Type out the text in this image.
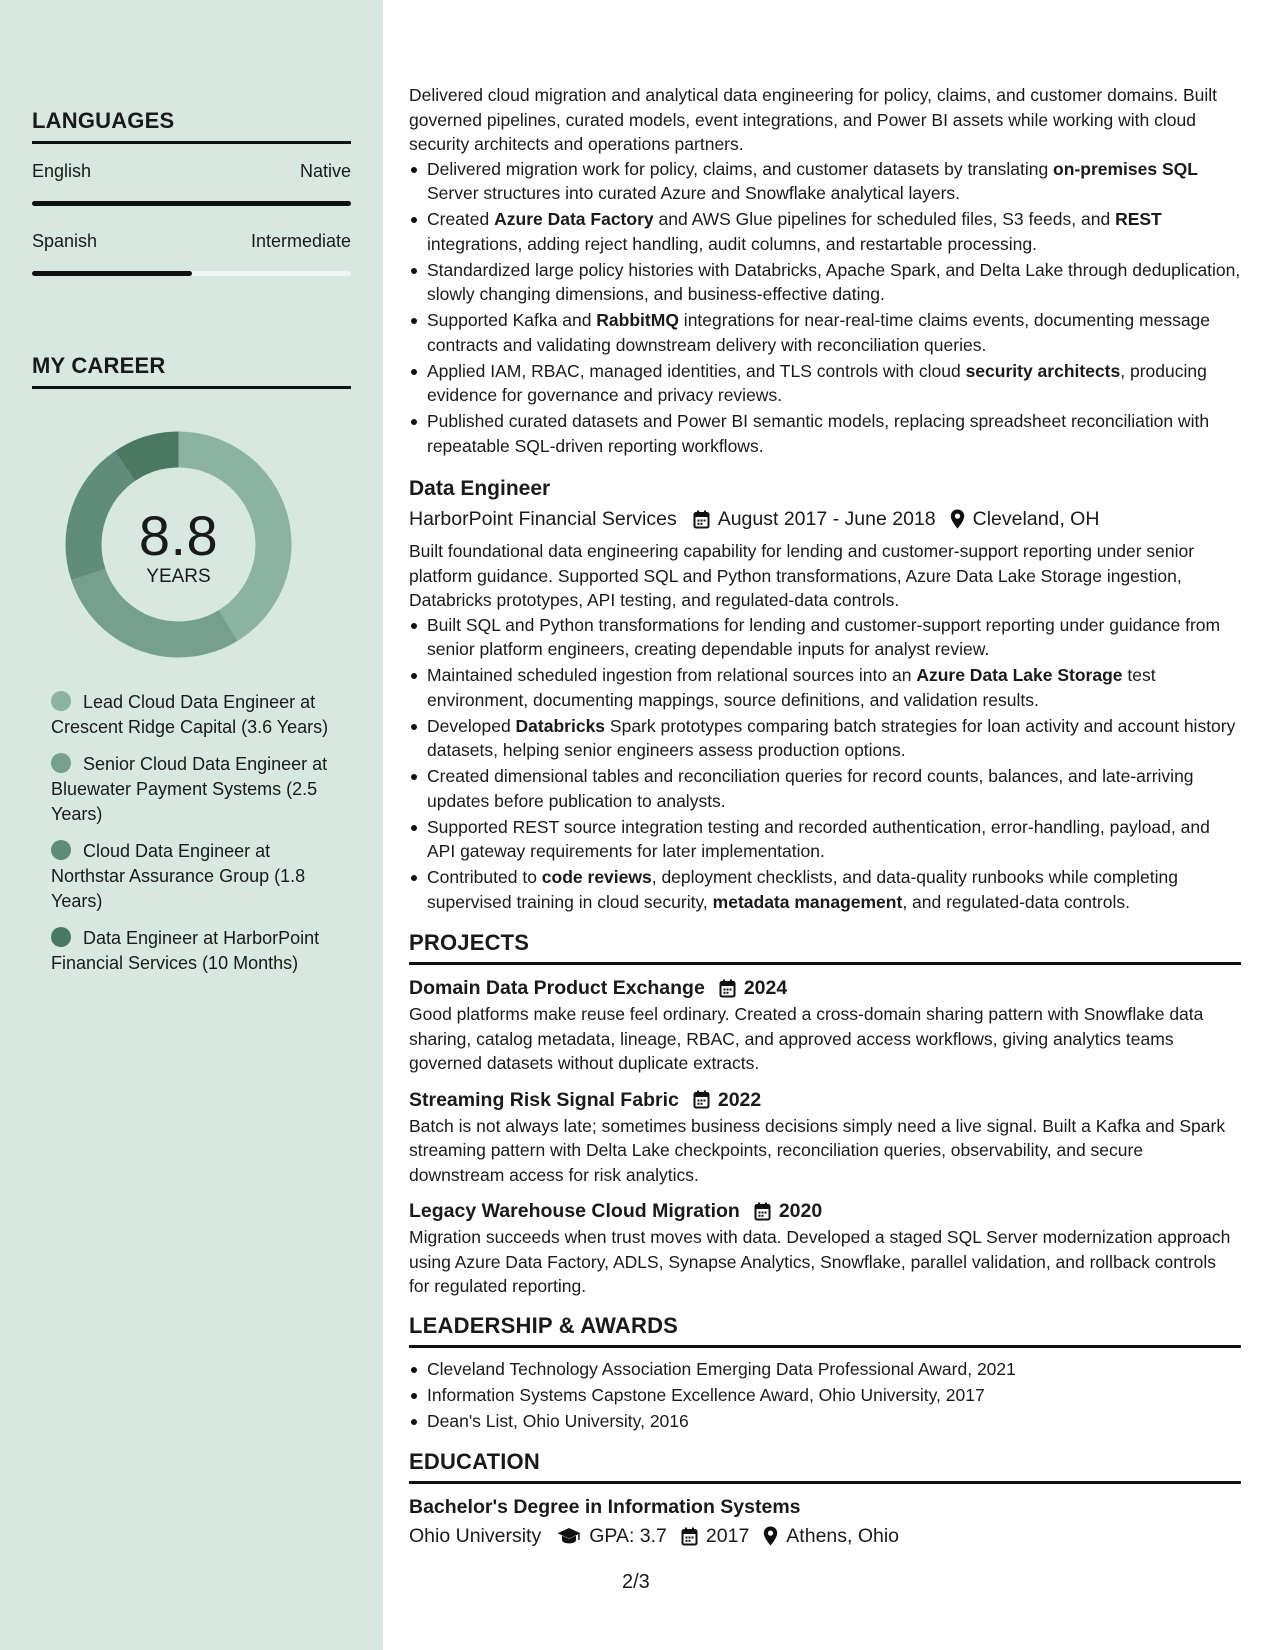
LANGUAGES
English	Native
Spanish	Intermediate
MY CAREER
8.8
YEARS
Lead Cloud Data Engineer at Crescent Ridge Capital (3.6 Years)
Senior Cloud Data Engineer at Bluewater Payment Systems (2.5 Years)
Cloud Data Engineer at Northstar Assurance Group (1.8 Years)
Data Engineer at HarborPoint Financial Services (10 Months)

Delivered cloud migration and analytical data engineering for policy, claims, and customer domains. Built governed pipelines, curated models, event integrations, and Power BI assets while working with cloud security architects and operations partners.

Delivered migration work for policy, claims, and customer datasets by translating on-premises SQL Server structures into curated Azure and Snowflake analytical layers.
Created Azure Data Factory and AWS Glue pipelines for scheduled files, S3 feeds, and REST integrations, adding reject handling, audit columns, and restartable processing.
Standardized large policy histories with Databricks, Apache Spark, and Delta Lake through deduplication, slowly changing dimensions, and business-effective dating.
Supported Kafka and RabbitMQ integrations for near-real-time claims events, documenting message contracts and validating downstream delivery with reconciliation queries.
Applied IAM, RBAC, managed identities, and TLS controls with cloud security architects, producing evidence for governance and privacy reviews.
Published curated datasets and Power BI semantic models, replacing spreadsheet reconciliation with repeatable SQL-driven reporting workflows.
Data Engineer
HarborPoint Financial Services August 2017 - June 2018 Cleveland, OH

Built foundational data engineering capability for lending and customer-support reporting under senior platform guidance. Supported SQL and Python transformations, Azure Data Lake Storage ingestion, Databricks prototypes, API testing, and regulated-data controls.

Built SQL and Python transformations for lending and customer-support reporting under guidance from senior platform engineers, creating dependable inputs for analyst review.
Maintained scheduled ingestion from relational sources into an Azure Data Lake Storage test environment, documenting mappings, source definitions, and validation results.
Developed Databricks Spark prototypes comparing batch strategies for loan activity and account history datasets, helping senior engineers assess production options.
Created dimensional tables and reconciliation queries for record counts, balances, and late-arriving updates before publication to analysts.
Supported REST source integration testing and recorded authentication, error-handling, payload, and API gateway requirements for later implementation.
Contributed to code reviews, deployment checklists, and data-quality runbooks while completing supervised training in cloud security, metadata management, and regulated-data controls.
PROJECTS
Domain Data Product Exchange 2024

Good platforms make reuse feel ordinary. Created a cross-domain sharing pattern with Snowflake data sharing, catalog metadata, lineage, RBAC, and approved access workflows, giving analytics teams governed datasets without duplicate extracts.

Streaming Risk Signal Fabric 2022

Batch is not always late; sometimes business decisions simply need a live signal. Built a Kafka and Spark streaming pattern with Delta Lake checkpoints, reconciliation queries, observability, and secure downstream access for risk analytics.

Legacy Warehouse Cloud Migration 2020

Migration succeeds when trust moves with data. Developed a staged SQL Server modernization approach using Azure Data Factory, ADLS, Synapse Analytics, Snowflake, parallel validation, and rollback controls for regulated reporting.

LEADERSHIP & AWARDS
Cleveland Technology Association Emerging Data Professional Award, 2021
Information Systems Capstone Excellence Award, Ohio University, 2017
Dean's List, Ohio University, 2016
EDUCATION
Bachelor's Degree in Information Systems
Ohio University GPA: 3.7 2017 Athens, Ohio
2/3
